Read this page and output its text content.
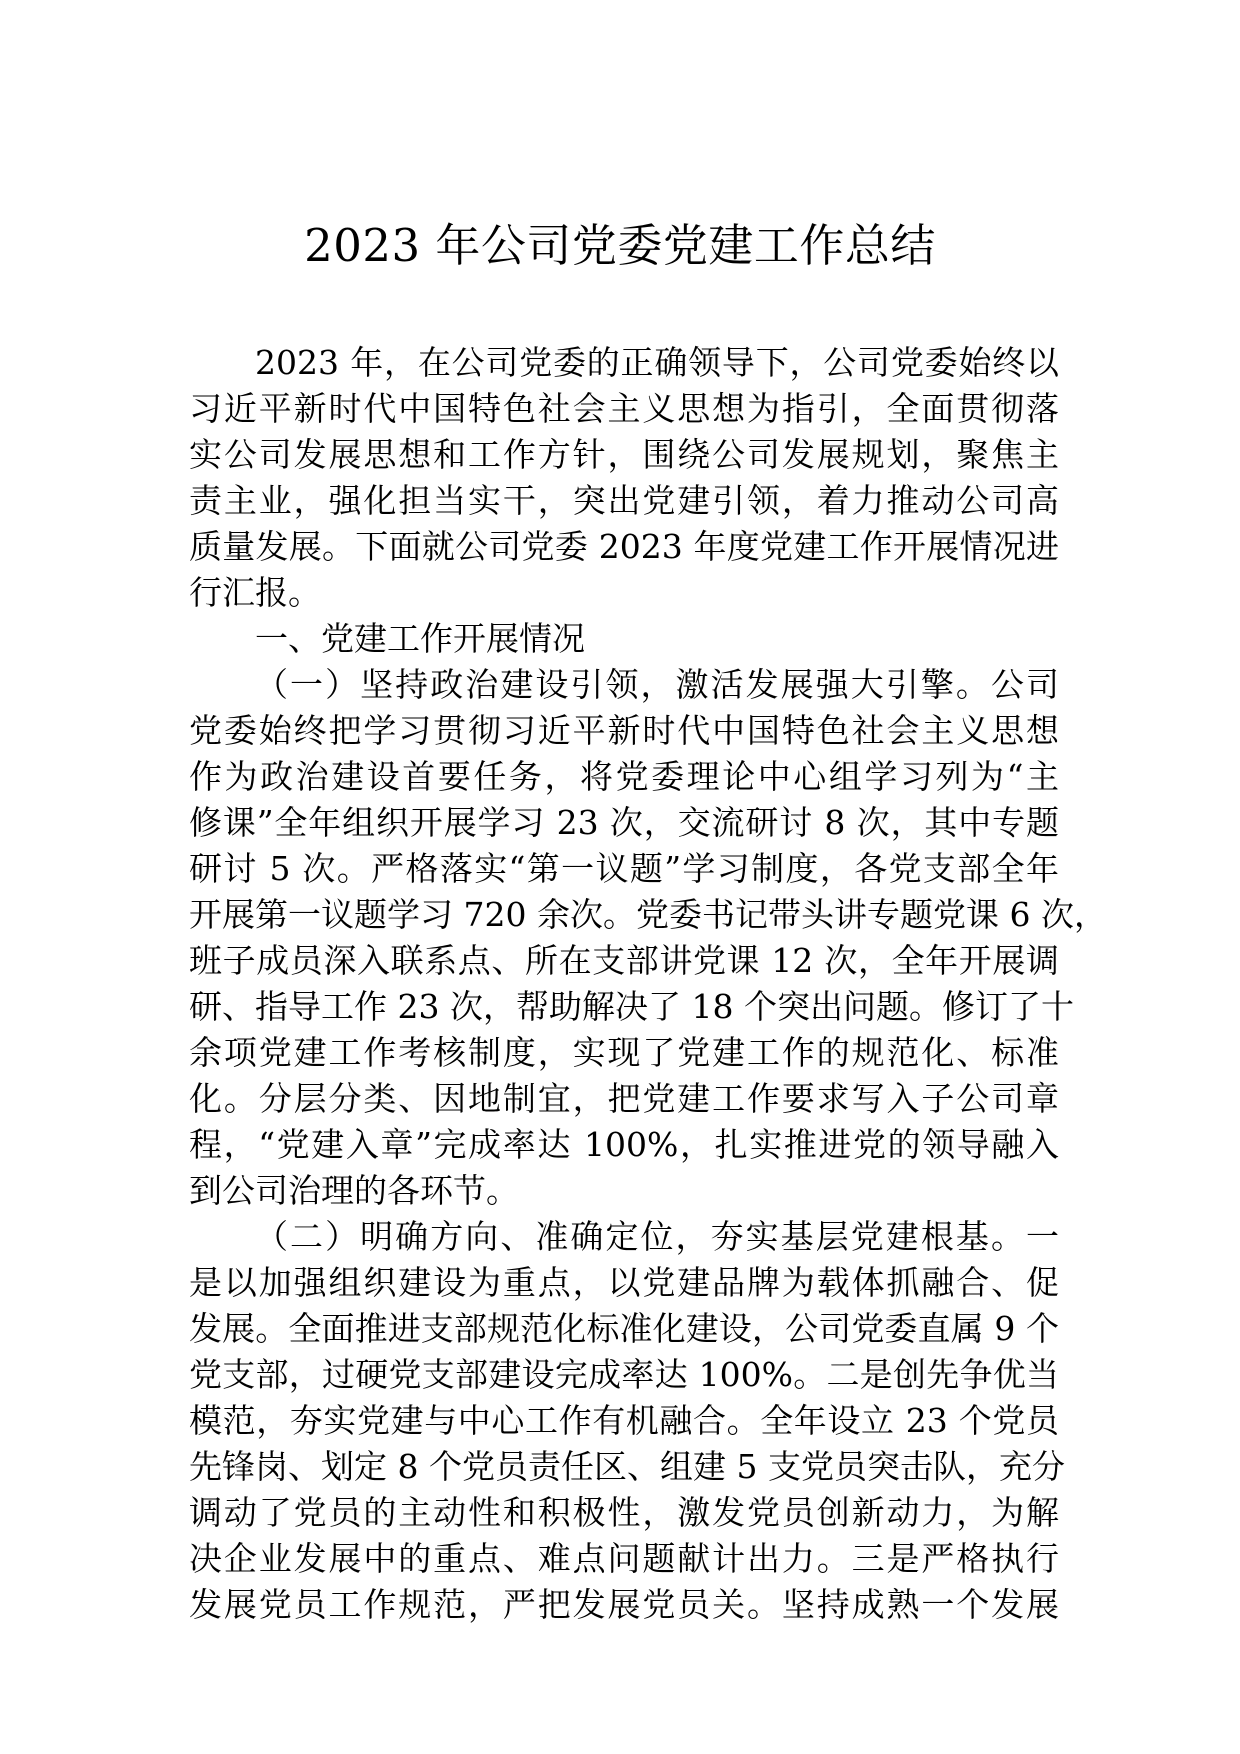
2023 年公司党委党建工作总结
2023 年，在公司党委的正确领导下，公司党委始终以
习近平新时代中国特色社会主义思想为指引，全面贯彻落
实公司发展思想和工作方针，围绕公司发展规划，聚焦主
责主业，强化担当实干，突出党建引领，着力推动公司高
质量发展。下面就公司党委 2023 年度党建工作开展情况进
行汇报。
一、党建工作开展情况
（一）坚持政治建设引领，激活发展强大引擎。公司
党委始终把学习贯彻习近平新时代中国特色社会主义思想
作为政治建设首要任务，将党委理论中心组学习列为“主
修课”全年组织开展学习 23 次，交流研讨 8 次，其中专题
研讨 5 次。严格落实“第一议题”学习制度，各党支部全年
开展第一议题学习 720 余次。党委书记带头讲专题党课 6 次，
班子成员深入联系点、所在支部讲党课 12 次，全年开展调
研、指导工作 23 次，帮助解决了 18 个突出问题。修订了十
余项党建工作考核制度，实现了党建工作的规范化、标准
化。分层分类、因地制宜，把党建工作要求写入子公司章
程，“党建入章”完成率达 100%，扎实推进党的领导融入
到公司治理的各环节。
（二）明确方向、准确定位，夯实基层党建根基。一
是以加强组织建设为重点，以党建品牌为载体抓融合、促
发展。全面推进支部规范化标准化建设，公司党委直属 9 个
党支部，过硬党支部建设完成率达 100%。二是创先争优当
模范，夯实党建与中心工作有机融合。全年设立 23 个党员
先锋岗、划定 8 个党员责任区、组建 5 支党员突击队，充分
调动了党员的主动性和积极性，激发党员创新动力，为解
决企业发展中的重点、难点问题献计出力。三是严格执行
发展党员工作规范，严把发展党员关。坚持成熟一个发展
